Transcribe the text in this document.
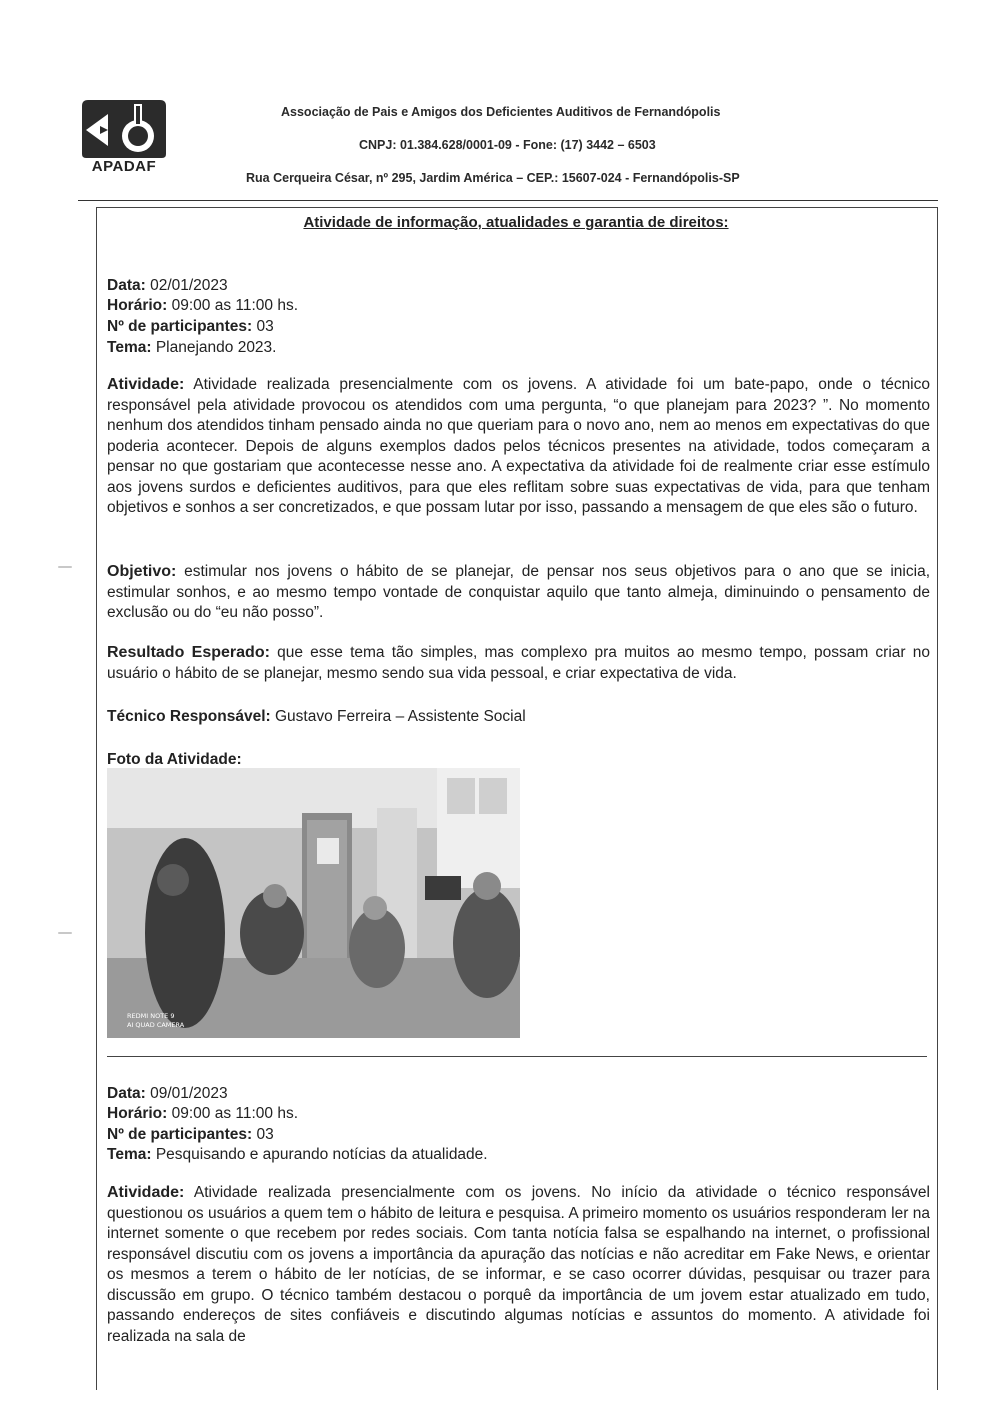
APADAF
Associação de Pais e Amigos dos Deficientes Auditivos de Fernandópolis
CNPJ: 01.384.628/0001-09 - Fone: (17) 3442 – 6503
Rua Cerqueira César, nº 295, Jardim América – CEP.: 15607-024 - Fernandópolis-SP
Atividade de informação, atualidades e garantia de direitos:
Data: 02/01/2023
Horário: 09:00 as 11:00 hs.
Nº de participantes: 03
Tema: Planejando 2023.

Atividade: Atividade realizada presencialmente com os jovens. A atividade foi um bate-papo, onde o técnico responsável pela atividade provocou os atendidos com uma pergunta, “o que planejam para 2023? ”. No momento nenhum dos atendidos tinham pensado ainda no que queriam para o novo ano, nem ao menos em expectativas do que poderia acontecer. Depois de alguns exemplos dados pelos técnicos presentes na atividade, todos começaram a pensar no que gostariam que acontecesse nesse ano. A expectativa da atividade foi de realmente criar esse estímulo aos jovens surdos e deficientes auditivos, para que eles reflitam sobre suas expectativas de vida, para que tenham objetivos e sonhos a ser concretizados, e que possam lutar por isso, passando a mensagem de que eles são o futuro.

Objetivo: estimular nos jovens o hábito de se planejar, de pensar nos seus objetivos para o ano que se inicia, estimular sonhos, e ao mesmo tempo vontade de conquistar aquilo que tanto almeja, diminuindo o pensamento de exclusão ou do “eu não posso”.

Resultado Esperado: que esse tema tão simples, mas complexo pra muitos ao mesmo tempo, possam criar no usuário o hábito de se planejar, mesmo sendo sua vida pessoal, e criar expectativa de vida.

Técnico Responsável: Gustavo Ferreira – Assistente Social
Foto da Atividade:
REDMI NOTE 9
AI QUAD CAMERA
Data: 09/01/2023
Horário: 09:00 as 11:00 hs.
Nº de participantes: 03
Tema: Pesquisando e apurando notícias da atualidade.

Atividade: Atividade realizada presencialmente com os jovens. No início da atividade o técnico responsável questionou os usuários a quem tem o hábito de leitura e pesquisa. A primeiro momento os usuários responderam ler na internet somente o que recebem por redes sociais. Com tanta notícia falsa se espalhando na internet, o profissional responsável discutiu com os jovens a importância da apuração das notícias e não acreditar em Fake News, e orientar os mesmos a terem o hábito de ler notícias, de se informar, e se caso ocorrer dúvidas, pesquisar ou trazer para discussão em grupo. O técnico também destacou o porquê da importância de um jovem estar atualizado em tudo, passando endereços de sites confiáveis e discutindo algumas notícias e assuntos do momento. A atividade foi realizada na sala de
